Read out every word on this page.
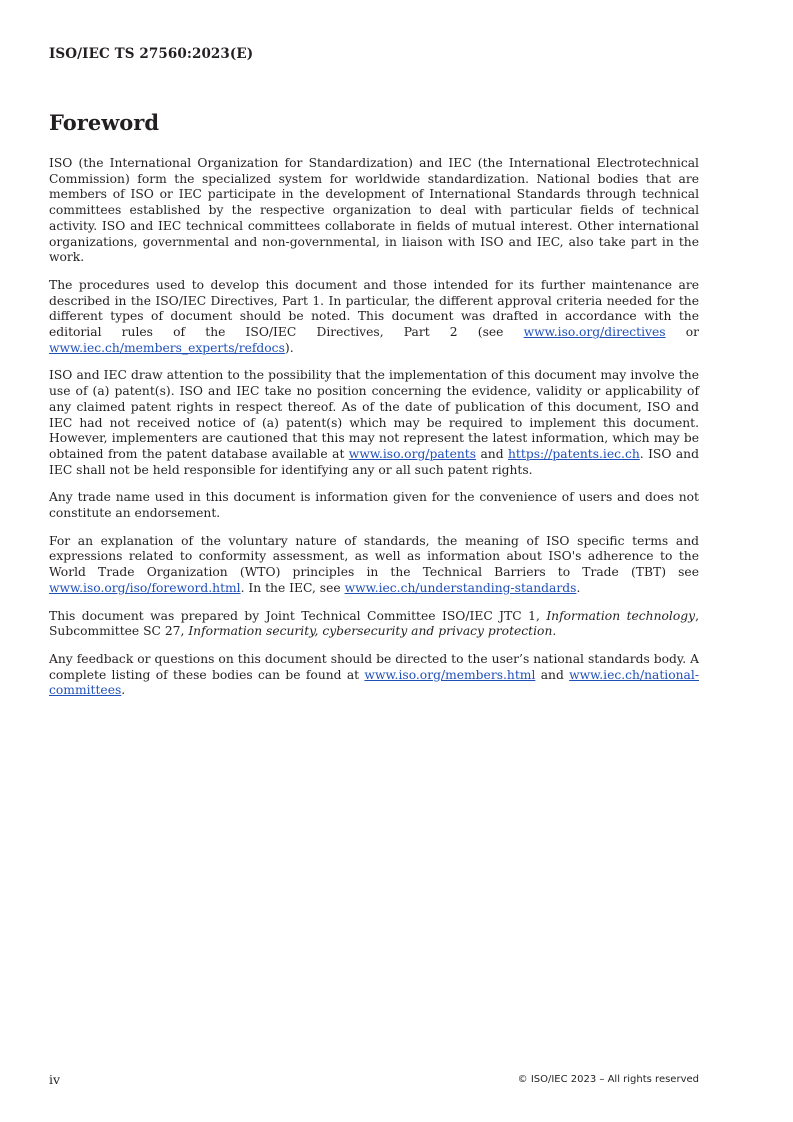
ISO/IEC TS 27560:2023(E)
Foreword

ISO (the International Organization for Standardization) and IEC (the International Electrotechnical Commission) form the specialized system for worldwide standardization. National bodies that are members of ISO or IEC participate in the development of International Standards through technical committees established by the respective organization to deal with particular fields of technical activity. ISO and IEC technical committees collaborate in fields of mutual interest. Other international organizations, governmental and non-governmental, in liaison with ISO and IEC, also take part in the work.

The procedures used to develop this document and those intended for its further maintenance are described in the ISO/IEC Directives, Part 1. In particular, the different approval criteria needed for the different types of document should be noted. This document was drafted in accordance with the editorial rules of the ISO/IEC Directives, Part 2 (see www.iso.org/directives or www.iec.ch/members_experts/refdocs).

ISO and IEC draw attention to the possibility that the implementation of this document may involve the use of (a) patent(s). ISO and IEC take no position concerning the evidence, validity or applicability of any claimed patent rights in respect thereof. As of the date of publication of this document, ISO and IEC had not received notice of (a) patent(s) which may be required to implement this document. However, implementers are cautioned that this may not represent the latest information, which may be obtained from the patent database available at www.iso.org/patents and https://patents.iec.ch. ISO and IEC shall not be held responsible for identifying any or all such patent rights.

Any trade name used in this document is information given for the convenience of users and does not constitute an endorsement.

For an explanation of the voluntary nature of standards, the meaning of ISO specific terms and expressions related to conformity assessment, as well as information about ISO's adherence to the World Trade Organization (WTO) principles in the Technical Barriers to Trade (TBT) see www.iso.org/iso/foreword.html. In the IEC, see www.iec.ch/understanding-standards.

This document was prepared by Joint Technical Committee ISO/IEC JTC 1, Information technology, Subcommittee SC 27, Information security, cybersecurity and privacy protection.

Any feedback or questions on this document should be directed to the user’s national standards body. A complete listing of these bodies can be found at www.iso.org/members.html and www.iec.ch/national-committees.

iv	© ISO/IEC 2023 – All rights reserved
